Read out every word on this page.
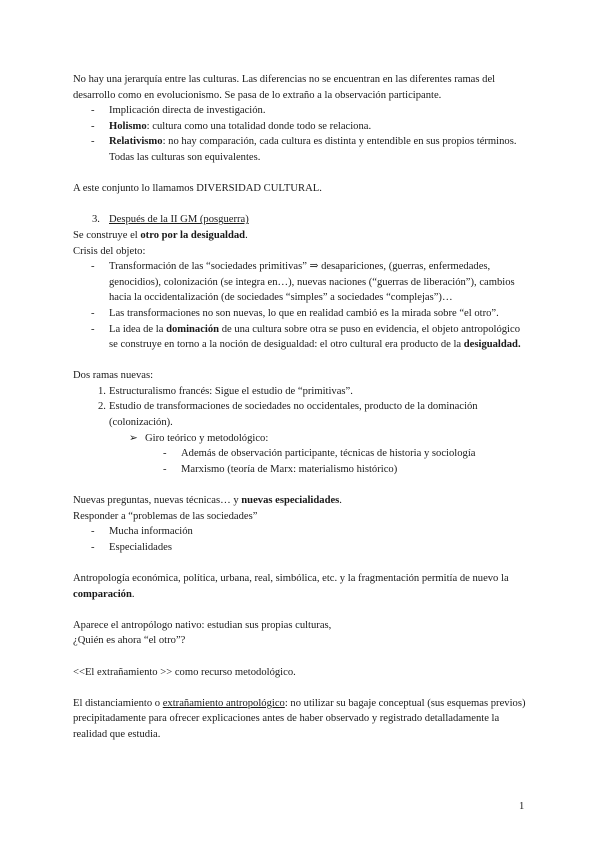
No hay una jerarquía entre las culturas. Las diferencias no se encuentran en las diferentes ramas del desarrollo como en evolucionismo. Se pasa de lo extraño a la observación participante.

- Implicación directa de investigación.
- Holismo: cultura como una totalidad donde todo se relaciona.
- Relativismo: no hay comparación, cada cultura es distinta y entendible en sus propios términos. Todas las culturas son equivalentes.

A este conjunto lo llamamos DIVERSIDAD CULTURAL.

3. Después de la II GM (posguerra)

Se construye el otro por la desigualdad.

Crisis del objeto:

- Transformación de las “sociedades primitivas” ⇒ desapariciones, (guerras, enfermedades, genocidios), colonización (se integra en…), nuevas naciones (“guerras de liberación”), cambios hacia la occidentalización (de sociedades “simples” a sociedades “complejas”)…
- Las transformaciones no son nuevas, lo que en realidad cambió es la mirada sobre “el otro”.
- La idea de la dominación de una cultura sobre otra se puso en evidencia, el objeto antropológico se construye en torno a la noción de desigualdad: el otro cultural era producto de la desigualdad.

Dos ramas nuevas:

1. Estructuralismo francés: Sigue el estudio de “primitivas”.
2. Estudio de transformaciones de sociedades no occidentales, producto de la dominación (colonización).

➢ Giro teórico y metodológico:

- Además de observación participante, técnicas de historia y sociología
- Marxismo (teoría de Marx: materialismo histórico)

Nuevas preguntas, nuevas técnicas… y nuevas especialidades.

Responder a “problemas de las sociedades”

- Mucha información
- Especialidades

Antropología económica, política, urbana, real, simbólica, etc. y la fragmentación permitía de nuevo la comparación.

Aparece el antropólogo nativo: estudian sus propias culturas,

¿Quién es ahora “el otro”?

<<El extrañamiento >> como recurso metodológico.

El distanciamiento o extrañamiento antropológico: no utilizar su bagaje conceptual (sus esquemas previos) precipitadamente para ofrecer explicaciones antes de haber observado y registrado detalladamente la realidad que estudia.

1
